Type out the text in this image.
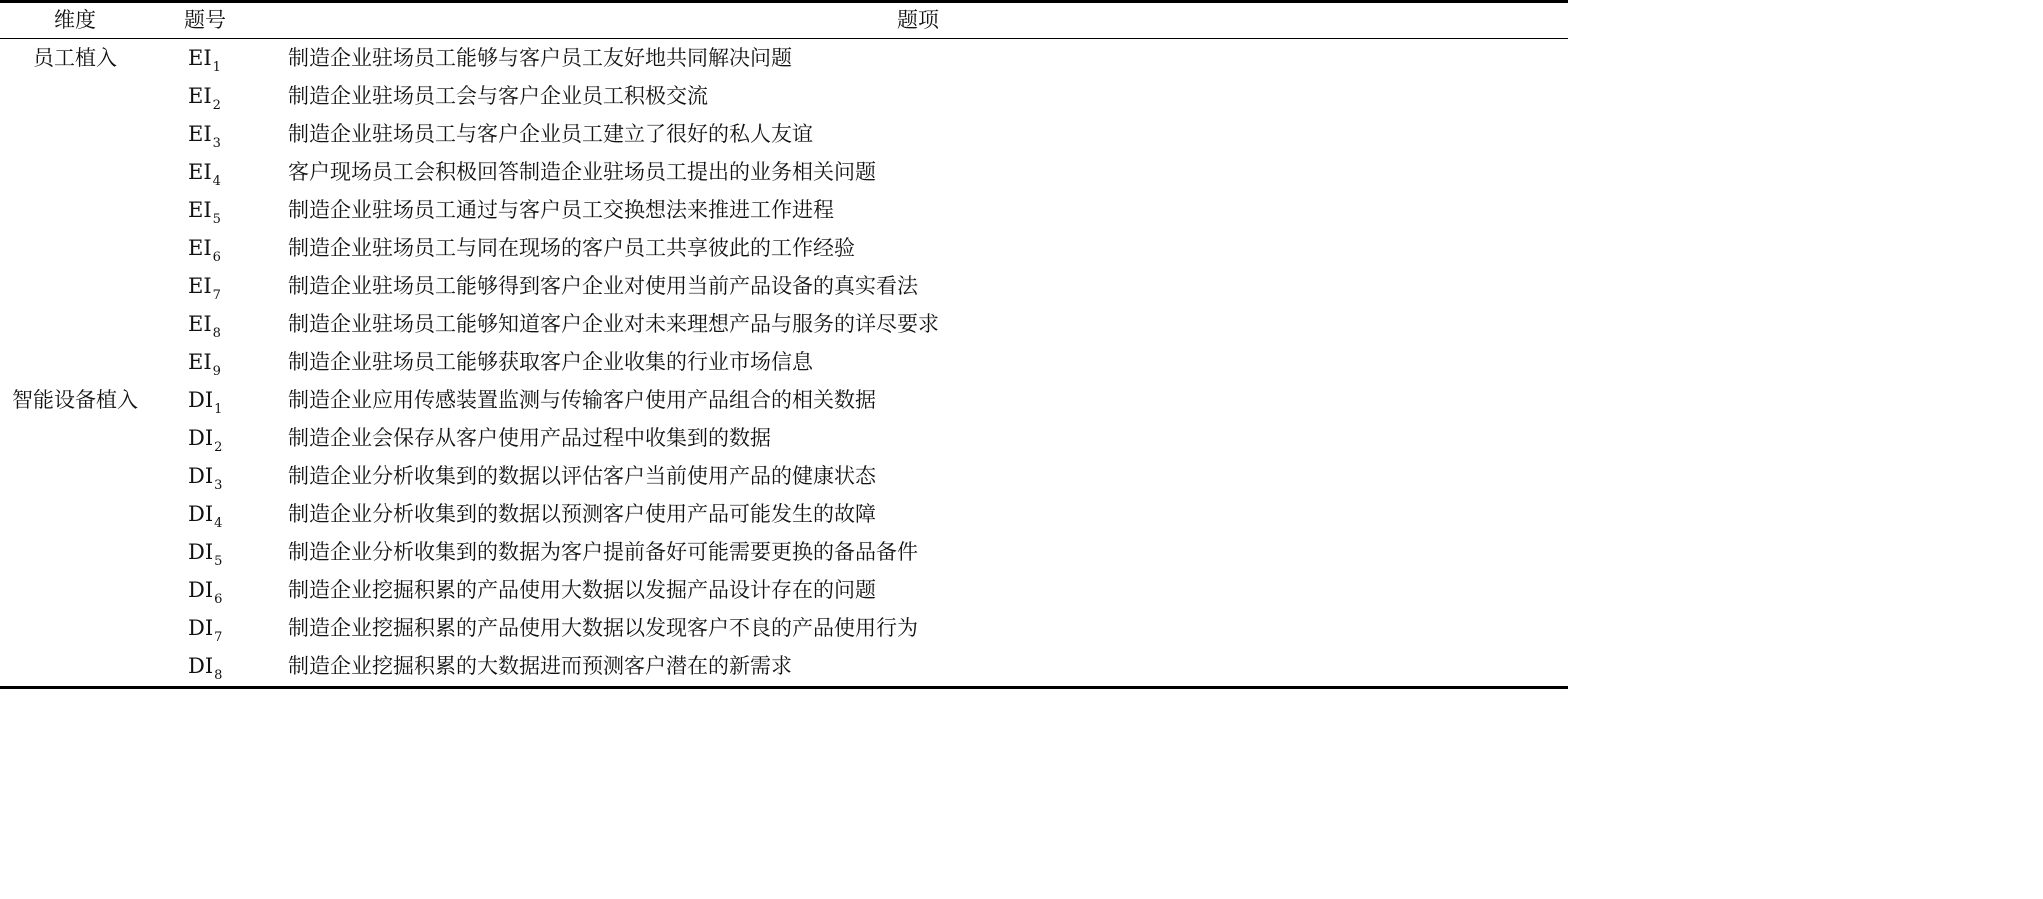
维度	题号	题项
员工植入	$EI_1$	制造企业驻场员工能够与客户员工友好地共同解决问题
$EI_2$	制造企业驻场员工会与客户企业员工积极交流
$EI_3$	制造企业驻场员工与客户企业员工建立了很好的私人友谊
$EI_4$	客户现场员工会积极回答制造企业驻场员工提出的业务相关问题
$EI_5$	制造企业驻场员工通过与客户员工交换想法来推进工作进程
$EI_6$	制造企业驻场员工与同在现场的客户员工共享彼此的工作经验
$EI_7$	制造企业驻场员工能够得到客户企业对使用当前产品设备的真实看法
$EI_8$	制造企业驻场员工能够知道客户企业对未来理想产品与服务的详尽要求
$EI_9$	制造企业驻场员工能够获取客户企业收集的行业市场信息
智能设备植入	$DI_1$	制造企业应用传感装置监测与传输客户使用产品组合的相关数据
$DI_2$	制造企业会保存从客户使用产品过程中收集到的数据
$DI_3$	制造企业分析收集到的数据以评估客户当前使用产品的健康状态
$DI_4$	制造企业分析收集到的数据以预测客户使用产品可能发生的故障
$DI_5$	制造企业分析收集到的数据为客户提前备好可能需要更换的备品备件
$DI_6$	制造企业挖掘积累的产品使用大数据以发掘产品设计存在的问题
$DI_7$	制造企业挖掘积累的产品使用大数据以发现客户不良的产品使用行为
$DI_8$	制造企业挖掘积累的大数据进而预测客户潜在的新需求
